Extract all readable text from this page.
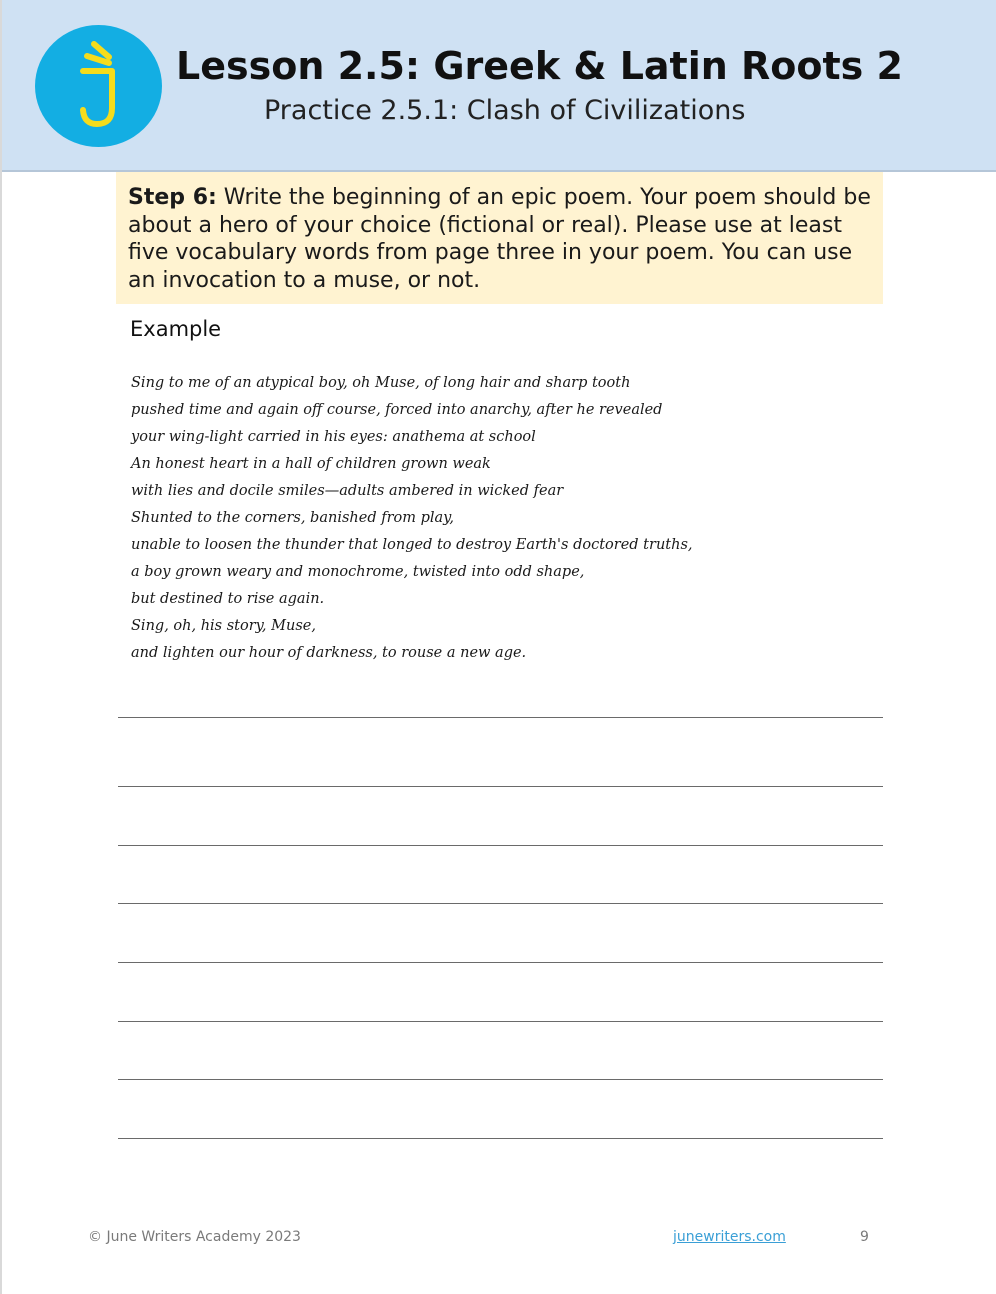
Lesson 2.5: Greek & Latin Roots 2
Practice 2.5.1: Clash of Civilizations
Step 6: Write the beginning of an epic poem. Your poem should be about a hero of your choice (fictional or real). Please use at least five vocabulary words from page three in your poem. You can use an invocation to a muse, or not.
Example
Sing to me of an atypical boy, oh Muse, of long hair and sharp tooth
pushed time and again off course, forced into anarchy, after he revealed
your wing-light carried in his eyes: anathema at school
An honest heart in a hall of children grown weak
with lies and docile smiles—adults ambered in wicked fear
Shunted to the corners, banished from play,
unable to loosen the thunder that longed to destroy Earth's doctored truths,
a boy grown weary and monochrome, twisted into odd shape,
but destined to rise again.
Sing, oh, his story, Muse,
and lighten our hour of darkness, to rouse a new age.
© June Writers Academy 2023	junewriters.com	9
